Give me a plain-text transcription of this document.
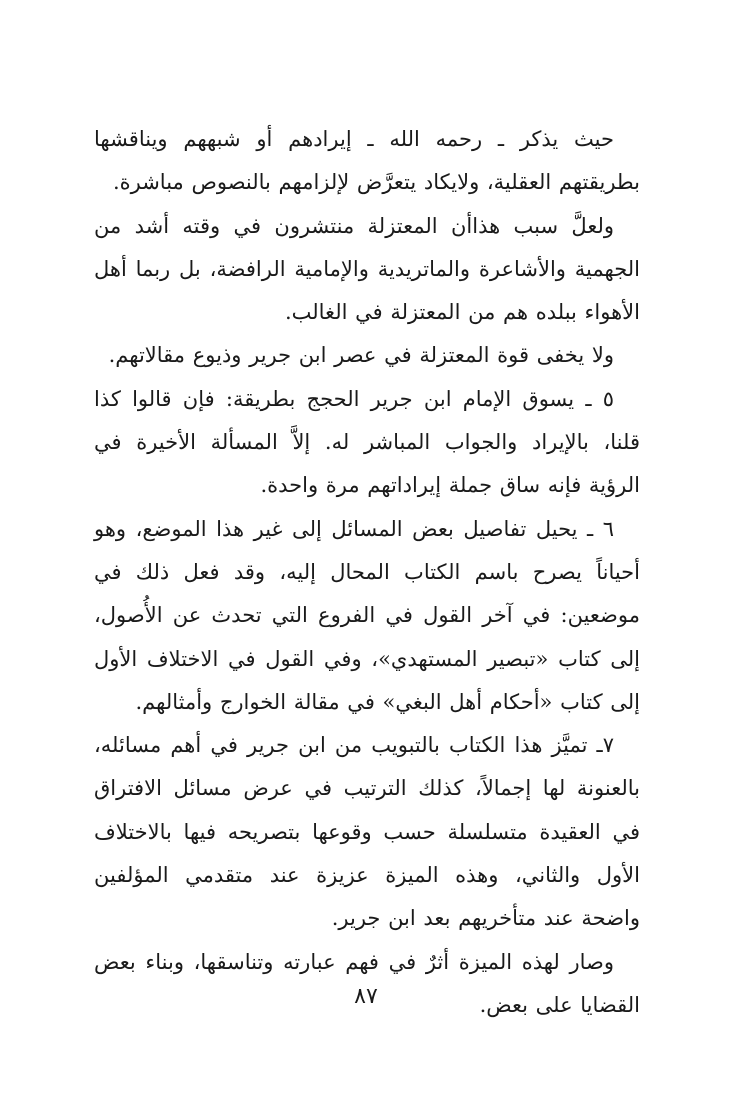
حيث يذكر ـ رحمه الله ـ إيرادهم أو شبههم ويناقشها بطريقتهم العقلية، ولايكاد يتعرَّض لإلزامهم بالنصوص مباشرة.

ولعلَّ سبب هذاأن المعتزلة منتشرون في وقته أشد من الجهمية والأشاعرة والماتريدية والإمامية الرافضة، بل ربما أهل الأهواء ببلده هم من المعتزلة في الغالب.

ولا يخفى قوة المعتزلة في عصر ابن جرير وذيوع مقالاتهم.

٥ ـ يسوق الإمام ابن جرير الحجج بطريقة: فإن قالوا كذا قلنا، بالإيراد والجواب المباشر له. إلاَّ المسألة الأخيرة في الرؤية فإنه ساق جملة إيراداتهم مرة واحدة.

٦ ـ يحيل تفاصيل بعض المسائل إلى غير هذا الموضع، وهو أحياناً يصرح باسم الكتاب المحال إليه، وقد فعل ذلك في موضعين: في آخر القول في الفروع التي تحدث عن الأُصول، إلى كتاب «تبصير المستهدي»، وفي القول في الاختلاف الأول إلى كتاب «أحكام أهل البغي» في مقالة الخوارج وأمثالهم.

٧ـ تميَّز هذا الكتاب بالتبويب من ابن جرير في أهم مسائله، بالعنونة لها إجمالاً، كذلك الترتيب في عرض مسائل الافتراق في العقيدة متسلسلة حسب وقوعها بتصريحه فيها بالاختلاف الأول والثاني، وهذه الميزة عزيزة عند متقدمي المؤلفين واضحة عند متأخريهم بعد ابن جرير.

وصار لهذه الميزة أثرٌ في فهم عبارته وتناسقها، وبناء بعض القضايا على بعض.

٨٧
